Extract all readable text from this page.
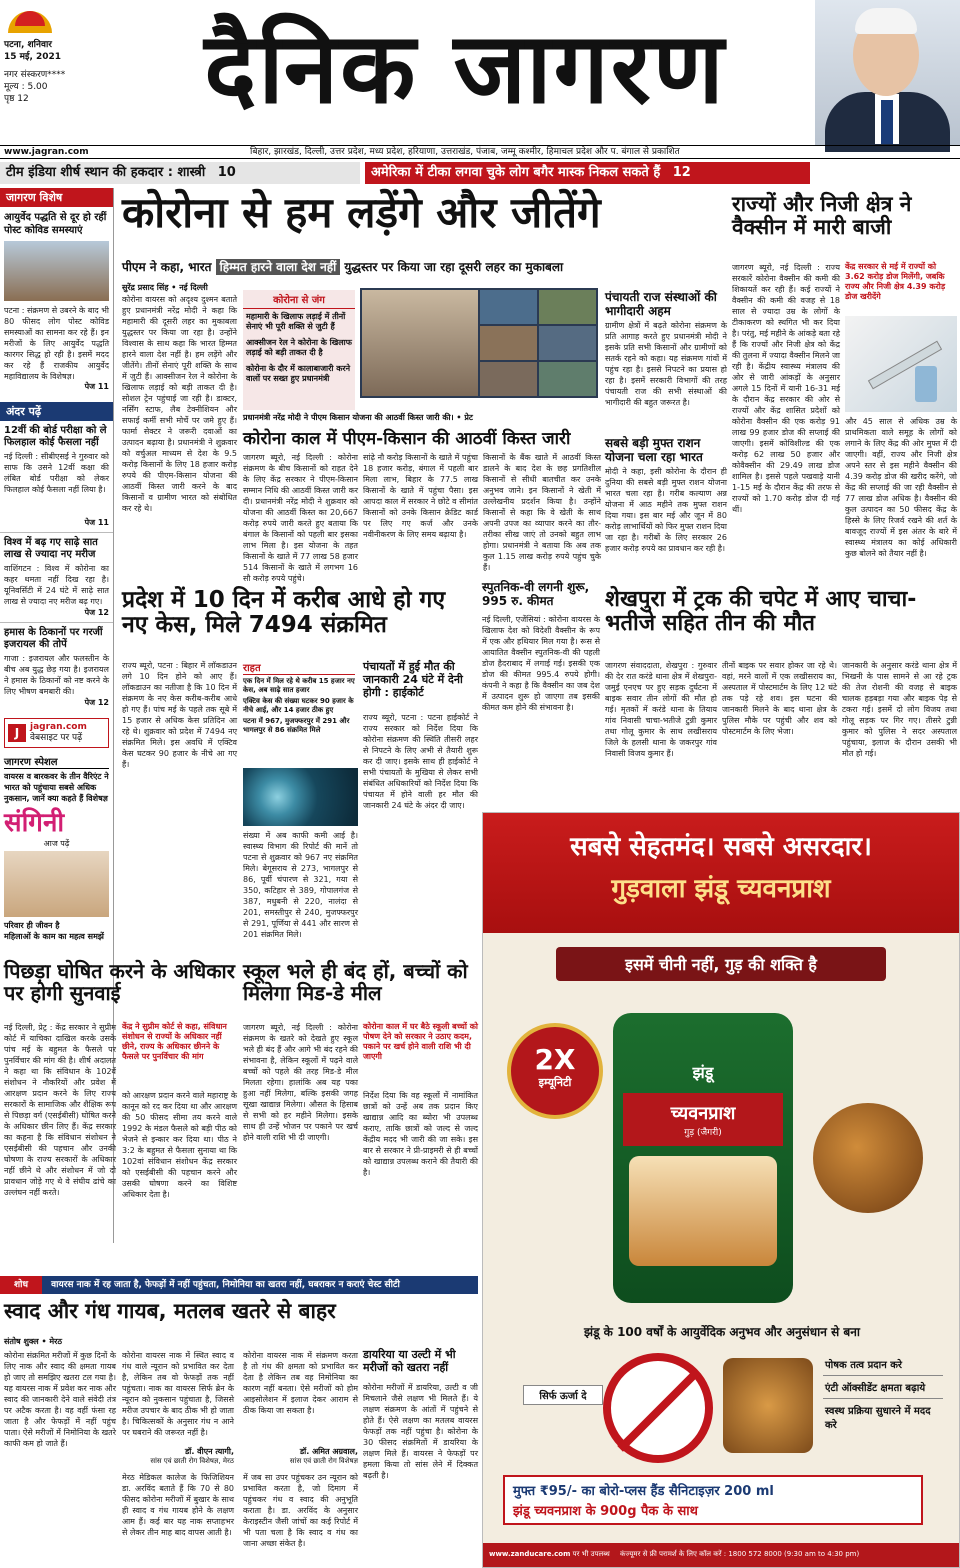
पटना, शनिवार
15 मई, 2021
नगर संस्करण****
मूल्य : 5.00
पृष्ठ 12	दैनिक जागरण
www.jagran.com	बिहार, झारखंड, दिल्ली, उत्तर प्रदेश, मध्य प्रदेश, हरियाणा, उत्तराखंड, पंजाब, जम्मू कश्मीर, हिमाचल प्रदेश और प. बंगाल से प्रकाशित
टीम इंडिया शीर्ष स्थान की हकदार : शास्त्री 10	अमेरिका में टीका लगवा चुके लोग बगैर मास्क निकल सकते हैं 12
जागरण विशेष
आयुर्वेद पद्धति से दूर हो रहीं पोस्ट कोविड समस्याएं
पटना : संक्रमण से उबरने के बाद भी 80 फीसद लोग पोस्ट कोविड समस्याओं का सामना कर रहे हैं। इन मरीजों के लिए आयुर्वेद पद्धति कारगर सिद्ध हो रही है। इसमें मदद कर रहे हैं राजकीय आयुर्वेद महाविद्यालय के विशेषज्ञ।
पेज 11
अंदर पढ़ें
12वीं की बोर्ड परीक्षा को ले फिलहाल कोई फैसला नहीं
नई दिल्ली : सीबीएसई ने गुरुवार को साफ कि उसने 12वीं कक्षा की लंबित बोर्ड परीक्षा को लेकर फिलहाल कोई फैसला नहीं लिया है।
पेज 11
विश्व में बढ़ गए साढ़े सात लाख से ज्यादा नए मरीज
वाशिंगटन : विश्व में कोरोना का कहर थमता नहीं दिख रहा है। यूनिवर्सिटी में 24 घंटे में साढ़े सात लाख से ज्यादा नए मरीज बढ़ गए।
पेज 12
हमास के ठिकानों पर गरजीं इजरायल की तोपें
गाजा : इजरायल और फलस्तीन के बीच अब युद्ध छेड़ गया है। इजरायल ने हमास के ठिकानों को नष्ट करने के लिए भीषण बमबारी की।
पेज 12
J	jagran.com
वेबसाइट पर पढ़ें
जागरण स्पेशल
वायरस व बारकवर के तीन वैरिएंट ने भारत को पहुंचाया सबसे अधिक नुकसान, जानें क्या कहते हैं विशेषज्ञ
संगिनी
आज पढ़ें
परिवार ही जीवन है
महिलाओं के काम का महत्व समझें
कोरोना से हम लड़ेंगे और जीतेंगे
पीएम ने कहा, भारत हिम्मत हारने वाला देश नहीं युद्धस्तर पर किया जा रहा दूसरी लहर का मुकाबला
सुरेंद्र प्रसाद सिंह • नई दिल्ली
कोरोना वायरस को अदृश्य दुश्मन बताते हुए प्रधानमंत्री नरेंद्र मोदी ने कहा कि महामारी की दूसरी लहर का मुकाबला युद्धस्तर पर किया जा रहा है। उन्होंने विश्वास के साथ कहा कि भारत हिम्मत हारने वाला देश नहीं है। हम लड़ेंगे और जीतेंगे। तीनों सेनाएं पूरी शक्ति के साथ में जुटी हैं। आक्सीजन रेल ने कोरोना के खिलाफ लड़ाई को बड़ी ताकत दी है। सोशल ट्रेन पहुंचाई जा रही है। डाक्टर, नर्सिंग स्टाफ, लैब टेक्नीशियन और सफाई कर्मी सभी मोर्चे पर जमे हुए हैं। फार्मा सेक्टर ने जरूरी दवाओं का उत्पादन बढ़ाया है। प्रधानमंत्री ने शुक्रवार को वर्चुअल माध्यम से देश के 9.5 करोड़ किसानों के लिए 18 हजार करोड़ रुपये की पीएम-किसान योजना की आठवीं किस्त जारी करने के बाद किसानों व ग्रामीण भारत को संबोधित कर रहे थे।
कोरोना से जंग
महामारी के खिलाफ लड़ाई में तीनों सेनाएं भी पूरी शक्ति से जुटी हैं
आक्सीजन रेल ने कोरोना के खिलाफ लड़ाई को बड़ी ताकत दी है
कोरोना के दौर में कालाबाजारी करने वालों पर सख्त हुए प्रधानमंत्री
प्रधानमंत्री नरेंद्र मोदी ने पीएम किसान योजना की आठवीं किस्त जारी की। • प्रेट
पंचायती राज संस्थाओं की भागीदारी अहम
ग्रामीण क्षेत्रों में बढ़ते कोरोना संक्रमण के प्रति आगाह करते हुए प्रधानमंत्री मोदी ने इसके प्रति सभी किसानों और ग्रामीणों को सतर्क रहने को कहा। यह संक्रमण गांवों में पहुंच रहा है। इससे निपटने का प्रयास हो रहा है। इसमें सरकारी विभागों की तरह पंचायती राज की सभी संस्थाओं की भागीदारी की बहुत जरूरत है।
सबसे बड़ी मुफ्त राशन योजना चला रहा भारत
मोदी ने कहा, इसी कोरोना के दौरान ही दुनिया की सबसे बड़ी मुफ्त राशन योजना भारत चला रहा है। गरीब कल्याण अन्न योजना में आठ महीने तक मुफ्त राशन दिया गया। इस बार मई और जून में 80 करोड़ लाभार्थियों को फिर मुफ्त राशन दिया जा रहा है। गरीबों के लिए सरकार 26 हजार करोड़ रुपये का प्रावधान कर रही है।
कोरोना काल में पीएम-किसान की आठवीं किस्त जारी
जागरण ब्यूरो, नई दिल्ली : कोरोना संक्रमण के बीच किसानों को राहत देने के लिए केंद्र सरकार ने पीएम-किसान सम्मान निधि की आठवीं किस्त जारी कर दी। प्रधानमंत्री नरेंद्र मोदी ने शुक्रवार को योजना की आठवीं किस्त का 20,667 करोड़ रुपये जारी करते हुए बताया कि बंगाल के किसानों को पहली बार इसका लाभ मिला है। इस योजना के तहत किसानों के खाते में 77 लाख 58 हजार 514 किसानों के खाते में लगभग 16 सौ करोड़ रुपये पहुंचे।
सांढ़े नौ करोड़ किसानों के खाते में पहुंचा 18 हजार करोड़, बंगाल में पहली बार मिला लाभ, बिहार के 77.5 लाख किसानों के खाते में पहुंचा पैसा। इस आपदा काल में सरकार ने छोटे व सीमांत किसानों को उनके किसान क्रेडिट कार्ड पर लिए गए कर्ज और उनके नवीनीकरण के लिए समय बढ़ाया है।
किसानों के बैंक खाते में आठवीं किस्त डालने के बाद देश के छह प्रगतिशील किसानों से सीधी बातचीत कर उनके अनुभव जाने। इन किसानों ने खेती में उल्लेखनीय प्रदर्शन किया है। उन्होंने किसानों से कहा कि वे खेती के साथ अपनी उपज का व्यापार करने का तौर-तरीका सीख जाएं तो उनको बहुत लाभ होगा। प्रधानमंत्री ने बताया कि अब तक कुल 1.15 लाख करोड़ रुपये पहुंच चुके हैं।
राज्यों और निजी क्षेत्र ने वैक्सीन में मारी बाजी
जागरण ब्यूरो, नई दिल्ली : राज्य सरकारें कोरोना वैक्सीन की कमी की शिकायतें कर रही हैं। कई राज्यों ने वैक्सीन की कमी की वजह से 18 साल से ज्यादा उम्र के लोगों के टीकाकरण को स्थगित भी कर दिया है। परंतु, मई महीने के आंकड़े बता रहे हैं कि राज्यों और निजी क्षेत्र को केंद्र की तुलना में ज्यादा वैक्सीन मिलने जा रही है। केंद्रीय स्वास्थ्य मंत्रालय की ओर से जारी आंकड़ों के अनुसार अगले 15 दिनों में यानी 16-31 मई के दौरान केंद्र सरकार की ओर से राज्यों और केंद्र शासित प्रदेशों को कोरोना वैक्सीन की एक करोड़ 91 लाख 99 हजार डोज की सप्लाई की जाएगी। इसमें कोविशील्ड की एक करोड़ 62 लाख 50 हजार और कोवैक्सीन की 29.49 लाख डोज शामिल है। इससे पहले पखवाड़े यानी 1-15 मई के दौरान केंद्र की तरफ से राज्यों को 1.70 करोड़ डोज दी गई थीं।
केंद्र सरकार से मई में राज्यों को 3.62 करोड़ डोज मिलेंगी, जबकि राज्य और निजी क्षेत्र 4.39 करोड़ डोज खरीदेंगे
और 45 साल से अधिक उम्र के प्राथमिकता वाले समूह के लोगों को लगाने के लिए केंद्र की ओर मुफ्त में दी जाएगी। वहीं, राज्य और निजी क्षेत्र अपने स्तर से इस महीने वैक्सीन की 4.39 करोड़ डोज की खरीद करेंगे, जो केंद्र की सप्लाई की जा रही वैक्सीन से 77 लाख डोज अधिक है। वैक्सीन की कुल उत्पादन का 50 फीसद केंद्र के हिस्से के लिए रिजर्व रखने की शर्त के बावजूद राज्यों में इस अंतर के बारे में स्वास्थ्य मंत्रालय का कोई अधिकारी कुछ बोलने को तैयार नहीं है।
प्रदेश में 10 दिन में करीब आधे हो गए नए केस, मिले 7494 संक्रमित
राज्य ब्यूरो, पटना : बिहार में लॉकडाउन लगे 10 दिन होने को आए हैं। लॉकडाउन का नतीजा है कि 10 दिन में संक्रमण के नए केस करीब-करीब आधे हो गए हैं। पांच मई के पहले तक सूबे में 15 हजार से अधिक केस प्रतिदिन आ रहे थे। शुक्रवार को प्रदेश में 7494 नए संक्रमित मिले। इस अवधि में एक्टिव केस घटकर 90 हजार के नीचे आ गए हैं।
राहत
एक दिन में मिल रहे थे करीब 15 हजार नए केस, अब साढ़े सात हजार
एक्टिव केस की संख्या घटकर 90 हजार के नीचे आई, और 14 हजार ठीक हुए
पटना में 967, मुजफ्फरपुर में 291 और भागलपुर से 86 संक्रमित मिले
संख्या में अब काफी कमी आई है। स्वास्थ्य विभाग की रिपोर्ट की मानें तो पटना से शुक्रवार को 967 नए संक्रमित मिले। बेगूसराय से 273, भागलपुर से 86, पूर्वी चंपारण से 321, गया से 350, कटिहार से 389, गोपालगंज से 387, मधुबनी से 220, नालंदा से 201, समस्तीपुर से 240, मुजफ्फरपुर से 291, पूर्णिया से 441 और सारण से 201 संक्रमित मिले।
स्पुतनिक-वी लगनी शुरू, 995 रु. कीमत
नई दिल्ली, एजेंसियां : कोरोना वायरस के खिलाफ देश को विदेशी वैक्सीन के रूप में एक और हथियार मिल गया है। रूस से आयातित वैक्सीन स्पुतनिक-वी की पहली डोज हैदराबाद में लगाई गई। इसकी एक डोज की कीमत 995.4 रुपये होगी। कंपनी ने कहा है कि वैक्सीन का जब देश में उत्पादन शुरू हो जाएगा तब इसकी कीमत कम होने की संभावना है।
पंचायतों में हुई मौत की जानकारी 24 घंटे में देनी होगी : हाईकोर्ट
राज्य ब्यूरो, पटना : पटना हाईकोर्ट ने राज्य सरकार को निर्देश दिया कि कोरोना संक्रमण की स्थिति तीसरी लहर से निपटने के लिए अभी से तैयारी शुरू कर दी जाए। इसके साथ ही हाईकोर्ट ने सभी पंचायतों के मुखिया से लेकर सभी संबंधित अधिकारियों को निर्देश दिया कि पंचायत में होने वाली हर मौत की जानकारी 24 घंटे के अंदर दी जाए।
शेखपुरा में ट्रक की चपेट में आए चाचा-भतीजे सहित तीन की मौत
जागरण संवाददाता, शेखपुरा : गुरुवार की देर रात करंडे थाना क्षेत्र में शेखपुरा-जमुई एनएच पर हुए सड़क दुर्घटना में बाइक सवार तीन लोगों की मौत हो गई। मृतकों में करंडे थाना के तियाय गांव निवासी चाचा-भतीजे टुन्नी कुमार तथा गोलू कुमार के साथ लखीसराय जिले के हलसी थाना के जकरपुर गांव निवासी विजय कुमार हैं।
तीनों बाइक पर सवार होकर जा रहे थे। वहां, मरने वालों में एक लखीसराय का, अस्पताल में पोस्टमार्टम के लिए 12 घंटे तक पड़े रहे शव। इस घटना की जानकारी मिलने के बाद थाना क्षेत्र के पुलिस मौके पर पहुंची और शव को पोस्टमार्टम के लिए भेजा।
जानकारी के अनुसार करंडे थाना क्षेत्र में भिखनी के पास सामने से आ रहे ट्रक की तेज रोशनी की वजह से बाइक चालक हड़बड़ा गया और बाइक पेड़ से टकरा गई। इसमें दो लोग विजय तथा गोलू सड़क पर गिर गए। तीसरे टुन्नी कुमार को पुलिस ने सदर अस्पताल पहुंचाया, इलाज के दौरान उसकी भी मौत हो गई।
सबसे सेहतमंद। सबसे असरदार।
गुड़वाला झंडू च्यवनप्राश
इसमें चीनी नहीं, गुड़ की शक्ति है
2X
इम्यूनिटी
झंडू
च्यवनप्राश
गुड़ (जैगरी)
झंडू के 100 वर्षों के आयुर्वेदिक अनुभव और अनुसंधान से बना
सिर्फ ऊर्जा दे
पोषक तत्व प्रदान करे
एंटी ऑक्सीडेंट क्षमता बढ़ाये
स्वस्थ प्रक्रिया सुधारने में मदद करे
मुफ्त ₹95/- का बोरो-प्लस हैंड सैनिटाइज़र 200 ml
झंडू च्यवनप्राश के 900g पैक के साथ
www.zanducare.com पर भी उपलब्ध कंज्यूमर से फ्री परामर्श के लिए कॉल करें : 1800 572 8000 (9:30 am to 4:30 pm)
पिछड़ा घोषित करने के अधिकार पर होगी सुनवाई
नई दिल्ली, प्रेट्र : केंद्र सरकार ने सुप्रीम कोर्ट में याचिका दाखिल करके उसके पांच मई के बहुमत के फैसले पर पुनर्विचार की मांग की है। शीर्ष अदालत ने कहा था कि संविधान के 102वें संशोधन ने नौकरियों और प्रवेश में आरक्षण प्रदान करने के लिए राज्य सरकारों के सामाजिक और शैक्षिक रूप से पिछड़ा वर्ग (एसईबीसी) घोषित करने के अधिकार छीन लिए हैं। केंद्र सरकार का कहना है कि संविधान संशोधन ने एसईबीसी की पहचान और उनकी घोषणा के राज्य सरकारों के अधिकार नहीं छीने थे और संशोधन में जो दो प्रावधान जोड़े गए थे वे संघीय ढांचे का उल्लंघन नहीं करते।
केंद्र ने सुप्रीम कोर्ट से कहा, संविधान संशोधन से राज्यों के अधिकार नहीं छीने, राज्य के अधिकार छीनने के फैसले पर पुनर्विचार की मांग
को आरक्षण प्रदान करने वाले महाराष्ट्र के कानून को रद कर दिया था और आरक्षण की 50 फीसद सीमा तय करने वाले 1992 के मंडल फैसले को बड़ी पीठ को भेजने से इन्कार कर दिया था। पीठ ने 3:2 के बहुमत से फैसला सुनाया था कि 102वां संविधान संशोधन केंद्र सरकार को एसईबीसी की पहचान करने और उसकी घोषणा करने का विशिष्ट अधिकार देता है।
स्कूल भले ही बंद हों, बच्चों को मिलेगा मिड-डे मील
जागरण ब्यूरो, नई दिल्ली : कोरोना संक्रमण के खतरे को देखते हुए स्कूल भले ही बंद हैं और आगे भी बंद रहने की संभावना है, लेकिन स्कूलों में पढ़ने वाले बच्चों को पहले की तरह मिड-डे मील मिलता रहेगा। हालांकि अब यह पका हुआ नहीं मिलेगा, बल्कि इसकी जगह सूखा खाद्यान्न मिलेगा। औसत के हिसाब से सभी को हर महीने मिलेगा। इसके साथ ही उन्हें भोजन पर पकाने पर खर्च होने वाली राशि भी दी जाएगी।
कोरोना काल में घर बैठे स्कूली बच्चों को पोषण देने को सरकार ने उठाए कदम, पकाने पर खर्च होने वाली राशि भी दी जाएगी
निर्देश दिया कि वह स्कूलों में नामांकित छात्रों को उन्हें अब तक प्रदान किए खाद्यान्न आदि का ब्योरा भी उपलब्ध कराए, ताकि छात्रों को जल्द से जल्द केंद्रीय मदद भी जारी की जा सके। इस बार से सरकार ने प्री-प्राइमरी से ही बच्चों को खाद्यान्न उपलब्ध कराने की तैयारी की है।
शोध	वायरस नाक में रह जाता है, फेफड़ों में नहीं पहुंचता, निमोनिया का खतरा नहीं, घबराकर न कराएं चेस्ट सीटी
स्वाद और गंध गायब, मतलब खतरे से बाहर
संतोष शुक्ल • मेरठ
कोरोना संक्रमित मरीजों में कुछ दिनों के लिए नाक और स्वाद की क्षमता गायब हो जाए तो समझिए खतरा टल गया है। यह वायरस नाक में प्रवेश कर नाक और स्वाद की जानकारी देने वाले संवेदी तंत्र पर अटैक करता है। वह वहीं फंसा रह जाता है और फेफड़ों में नहीं पहुंच पाता। ऐसे मरीजों में निमोनिया के खतरे काफी कम हो जाते हैं।
कोरोना वायरस नाक में स्थित स्वाद व गंध वाले न्यूरान को प्रभावित कर देता है, लेकिन तब वो फेफड़ों तक नहीं पहुंचता। नाक का वायरस सिर्फ ब्रेन के न्यूरान को नुकसान पहुंचाता है, जिससे मरीज उपचार के बाद ठीक भी हो जाता है। चिकित्सकों के अनुसार गंध न आने पर घबराने की जरूरत नहीं है।
डॉ. वीएन त्यागी,
सांस एवं छाती रोग विशेषज्ञ, मेरठ
कोरोना वायरस नाक में संक्रमण करता है तो गंध की क्षमता को प्रभावित कर देता है लेकिन तब वह निमोनिया का कारण नहीं बनता। ऐसे मरीजों को होम आइसोलेशन में इलाज देकर आराम से ठीक किया जा सकता है।
डॉ. अमित अग्रवाल,
सांस एवं छाती रोग विशेषज्ञ
डायरिया या उल्टी में भी मरीजों को खतरा नहीं
कोरोना मरीजों में डायरिया, उल्टी व जी मिचलाने जैसे लक्षण भी मिलते हैं। ये लक्षण संक्रमण के आंतों में पहुंचने से होते हैं। ऐसे लक्षण का मतलब वायरस फेफड़ों तक नहीं पहुंचा है। कोरोना के 30 फीसद संक्रमितों में डायरिया के लक्षण मिले हैं। वायरस ने फेफड़ों पर हमला किया तो सांस लेने में दिक्कत बढ़ती है।
मेरठ मेडिकल कालेज के फिजिशियन डा. अरविंद बताते हैं कि 70 से 80 फीसद कोरोना मरीजों में बुखार के साथ ही स्वाद व गंध गायब होने के लक्षण आम हैं। कई बार यह नाक सप्ताहभर से लेकर तीन माह बाद वापस आती है।
में जब सा उपर पहुंचकर उन न्यूरान को प्रभावित करता है, जो दिमाग में पहुंचकर गंध व स्वाद की अनुभूति कराता है। डा. अरविंद के अनुसार केराइस्टीन जैसी जांचों का कई रिपोर्ट में भी पता चला है कि स्वाद व गंध का जाना अच्छा संकेत है।
